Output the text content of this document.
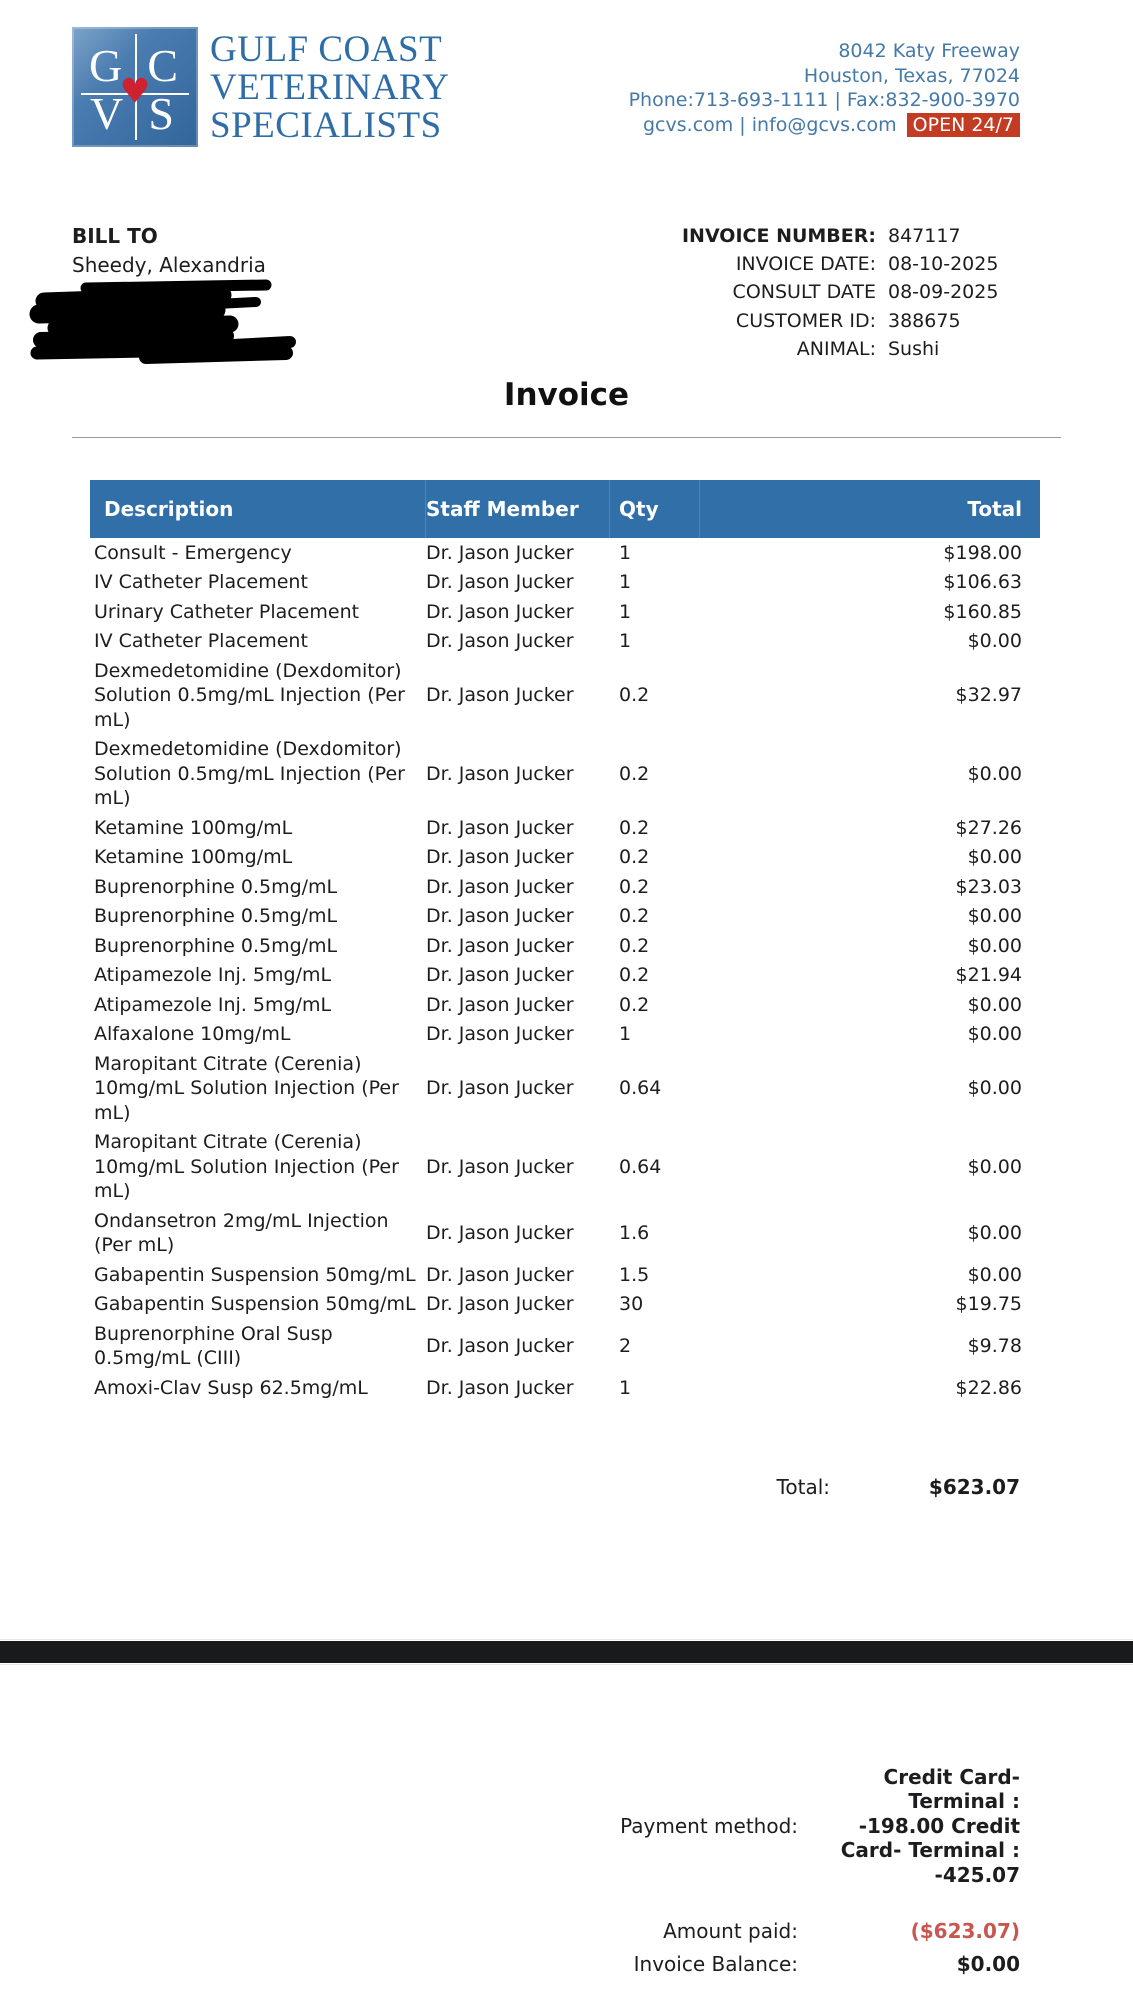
G C
V S
♥
GULF COAST
VETERINARY
SPECIALISTS
8042 Katy Freeway
Houston, Texas, 77024
Phone:713-693-1111 | Fax:832-900-3970
gcvs.com | info@gcvs.com OPEN 24/7
BILL TO
Sheedy, Alexandria
INVOICE NUMBER: 847117
INVOICE DATE: 08-10-2025
CONSULT DATE 08-09-2025
CUSTOMER ID: 388675
ANIMAL: Sushi
Invoice
Description	Staff Member	Qty	Total
Consult - Emergency	Dr. Jason Jucker	1	$198.00
IV Catheter Placement	Dr. Jason Jucker	1	$106.63
Urinary Catheter Placement	Dr. Jason Jucker	1	$160.85
IV Catheter Placement	Dr. Jason Jucker	1	$0.00
Dexmedetomidine (Dexdomitor) Solution 0.5mg/mL Injection (Per mL)
Dr. Jason Jucker	0.2	$32.97
Dexmedetomidine (Dexdomitor) Solution 0.5mg/mL Injection (Per mL)
Dr. Jason Jucker	0.2	$0.00
Ketamine 100mg/mL	Dr. Jason Jucker	0.2	$27.26
Ketamine 100mg/mL	Dr. Jason Jucker	0.2	$0.00
Buprenorphine 0.5mg/mL	Dr. Jason Jucker	0.2	$23.03
Buprenorphine 0.5mg/mL	Dr. Jason Jucker	0.2	$0.00
Buprenorphine 0.5mg/mL	Dr. Jason Jucker	0.2	$0.00
Atipamezole Inj. 5mg/mL	Dr. Jason Jucker	0.2	$21.94
Atipamezole Inj. 5mg/mL	Dr. Jason Jucker	0.2	$0.00
Alfaxalone 10mg/mL	Dr. Jason Jucker	1	$0.00
Maropitant Citrate (Cerenia) 10mg/mL Solution Injection (Per mL)
Dr. Jason Jucker	0.64	$0.00
Maropitant Citrate (Cerenia) 10mg/mL Solution Injection (Per mL)
Dr. Jason Jucker	0.64	$0.00
Ondansetron 2mg/mL Injection (Per mL)
Dr. Jason Jucker	1.6	$0.00
Gabapentin Suspension 50mg/mL Dr. Jason Jucker	1.5	$0.00
Gabapentin Suspension 50mg/mL Dr. Jason Jucker	30	$19.75
Buprenorphine Oral Susp 0.5mg/mL (CIII)
Dr. Jason Jucker	2	$9.78
Amoxi-Clav Susp 62.5mg/mL	Dr. Jason Jucker	1	$22.86
Total:	$623.07
Payment method:
Credit Card- Terminal : -198.00 Credit Card- Terminal : -425.07
Amount paid:	($623.07)
Invoice Balance:	$0.00
